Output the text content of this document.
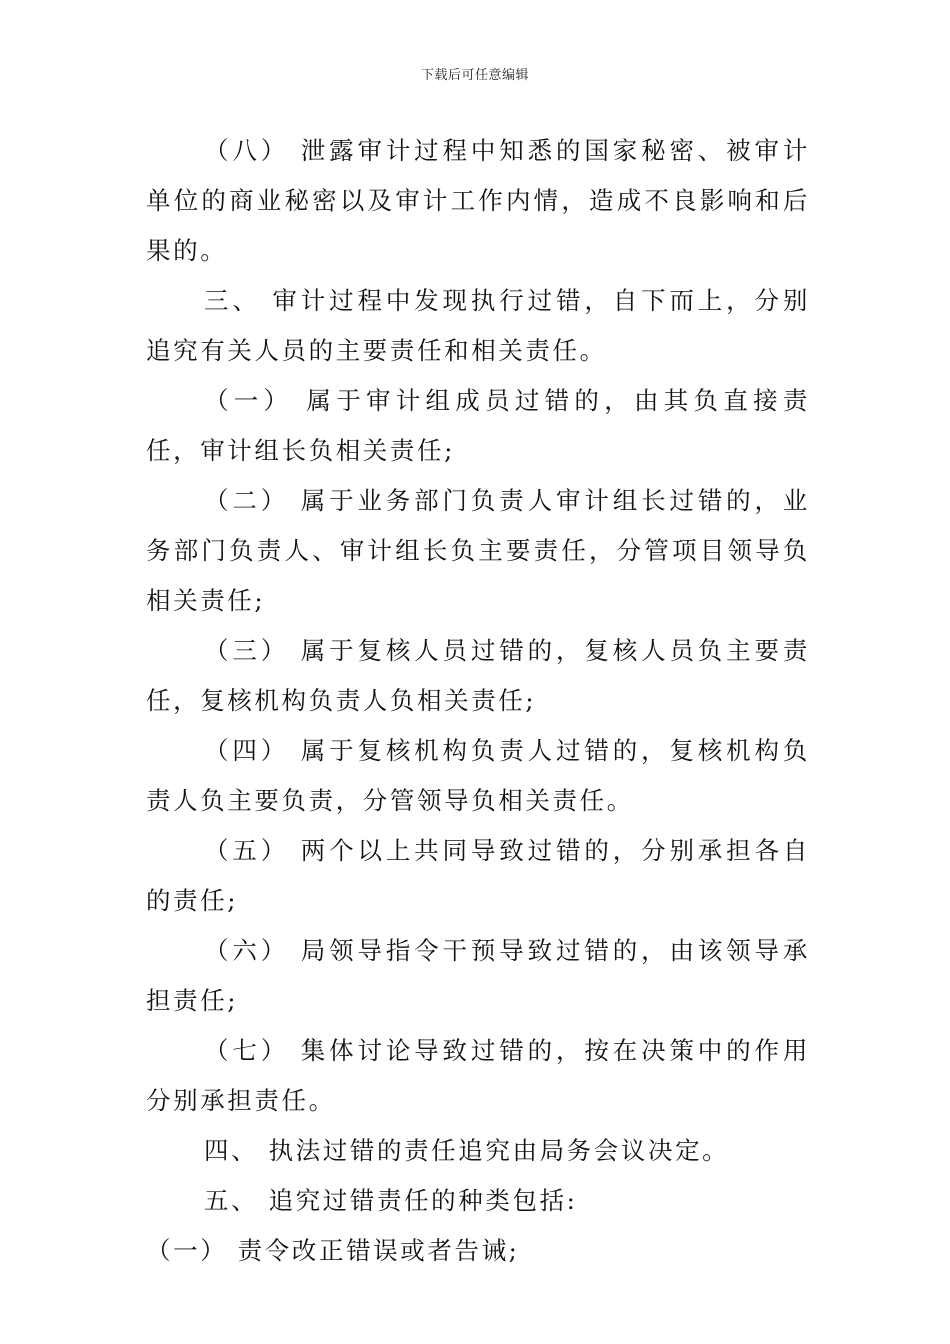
下载后可任意编辑

（八） 泄露审计过程中知悉的国家秘密、被审计单位的商业秘密以及审计工作内情，造成不良影响和后果的。

三、 审计过程中发现执行过错，自下而上，分别追究有关人员的主要责任和相关责任。

（一） 属于审计组成员过错的，由其负直接责任，审计组长负相关责任;

（二） 属于业务部门负责人审计组长过错的，业务部门负责人、审计组长负主要责任，分管项目领导负相关责任;

（三） 属于复核人员过错的，复核人员负主要责任，复核机构负责人负相关责任;

（四） 属于复核机构负责人过错的，复核机构负责人负主要负责，分管领导负相关责任。

（五） 两个以上共同导致过错的，分别承担各自的责任;

（六） 局领导指令干预导致过错的，由该领导承担责任;

（七） 集体讨论导致过错的，按在决策中的作用分别承担责任。

四、 执法过错的责任追究由局务会议决定。

五、 追究过错责任的种类包括:

（一） 责令改正错误或者告诫;
